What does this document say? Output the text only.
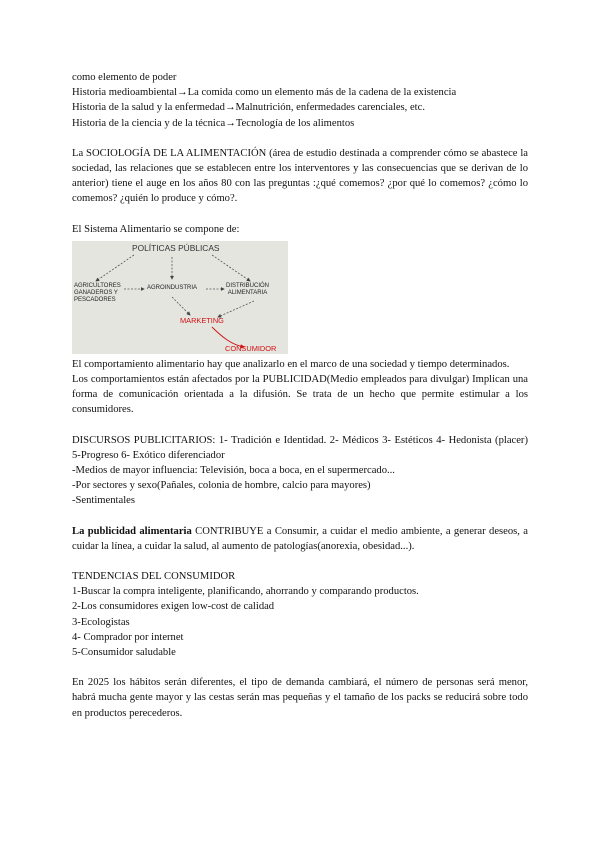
como elemento de poder
Historia medioambiental→La comida como un elemento más de la cadena de la existencia
Historia de la salud y la enfermedad→Malnutrición, enfermedades carenciales, etc.
Historia de la ciencia y de la técnica→Tecnología de los alimentos
La SOCIOLOGÍA DE LA ALIMENTACIÓN (área de estudio destinada a comprender cómo se abastece la sociedad, las relaciones que se establecen entre los interventores y las consecuencias que se derivan de lo anterior) tiene el auge en los años 80 con las preguntas :¿qué comemos? ¿por qué lo comemos? ¿cómo lo comemos? ¿quién lo produce y cómo?.
El Sistema Alimentario se compone de:
POLÍTICAS PÚBLICAS
AGRICULTORES
GANADEROS Y
PESCADORES
AGROINDUSTRIA	DISTRIBUCIÓN
ALIMENTARIA
MARKETING
CONSUMIDOR
El comportamiento alimentario hay que analizarlo en el marco de una sociedad y tiempo determinados.
Los comportamientos están afectados por la PUBLICIDAD(Medio empleados para divulgar) Implican una forma de comunicación orientada a la difusión. Se trata de un hecho que permite estimular a los consumidores.
DISCURSOS PUBLICITARIOS: 1- Tradición e Identidad. 2- Médicos 3- Estéticos 4- Hedonista (placer) 5-Progreso 6- Exótico diferenciador
-Medios de mayor influencia: Televisión, boca a boca, en el supermercado...
-Por sectores y sexo(Pañales, colonia de hombre, calcio para mayores)
-Sentimentales
La publicidad alimentaria CONTRIBUYE a Consumir, a cuidar el medio ambiente, a generar deseos, a cuidar la línea, a cuidar la salud, al aumento de patologías(anorexia, obesidad...).
TENDENCIAS DEL CONSUMIDOR
1-Buscar la compra inteligente, planificando, ahorrando y comparando productos.
2-Los consumidores exigen low-cost de calidad
3-Ecologistas
4- Comprador por internet
5-Consumidor saludable
En 2025 los hábitos serán diferentes, el tipo de demanda cambiará, el número de personas será menor, habrá mucha gente mayor y las cestas serán mas pequeñas y el tamaño de los packs se reducirá sobre todo en productos perecederos.
